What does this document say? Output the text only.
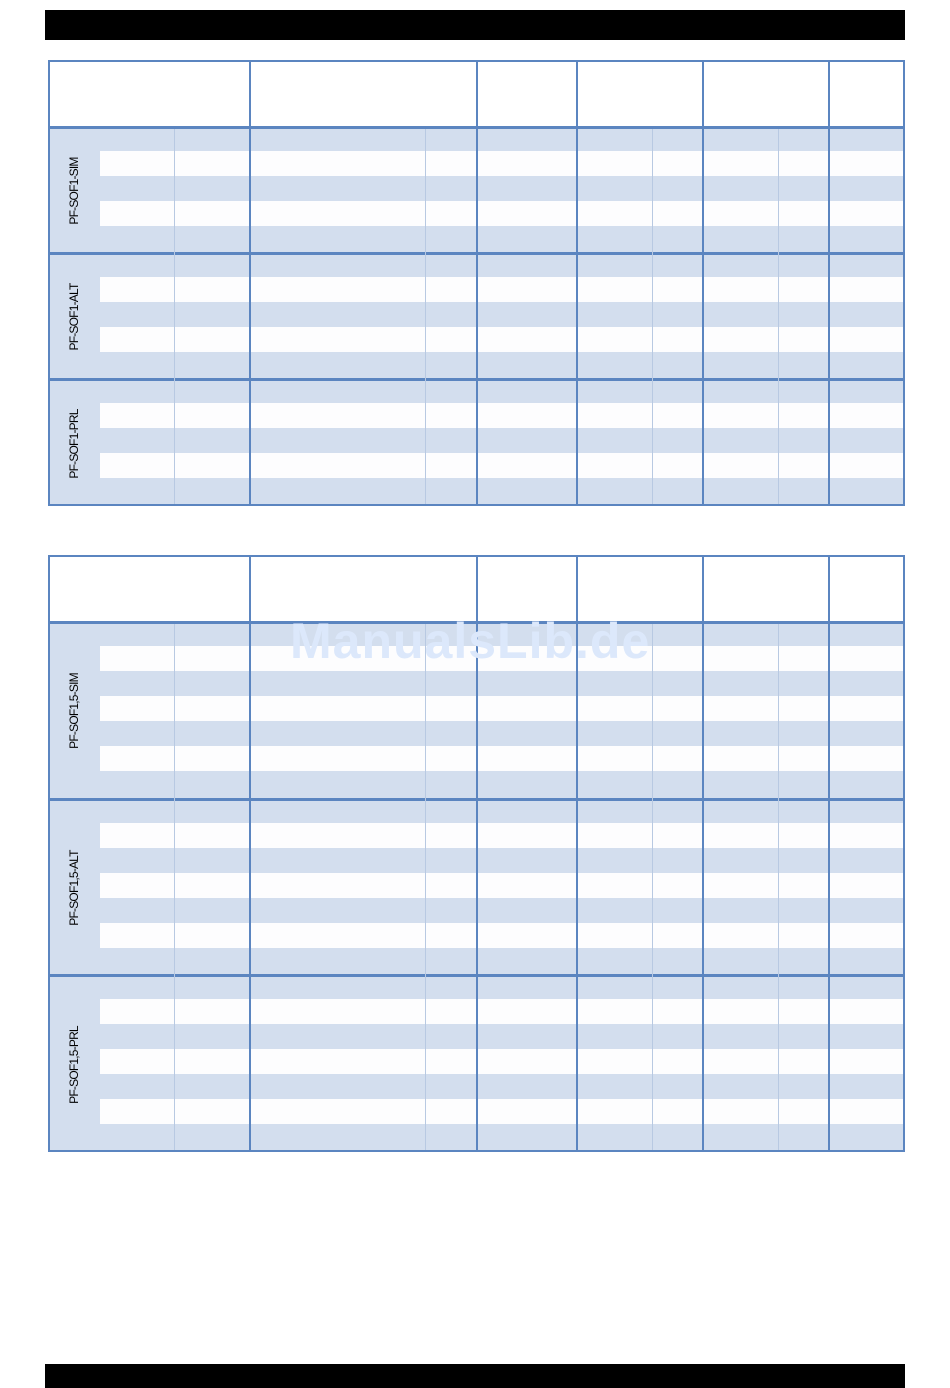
PF-SOF1-SIM
PF-SOF1-ALT
PF-SOF1-PRL
PF-SOF1,5-SIM
PF-SOF1,5-ALT
PF-SOF1,5-PRL
ManualsLib.de
